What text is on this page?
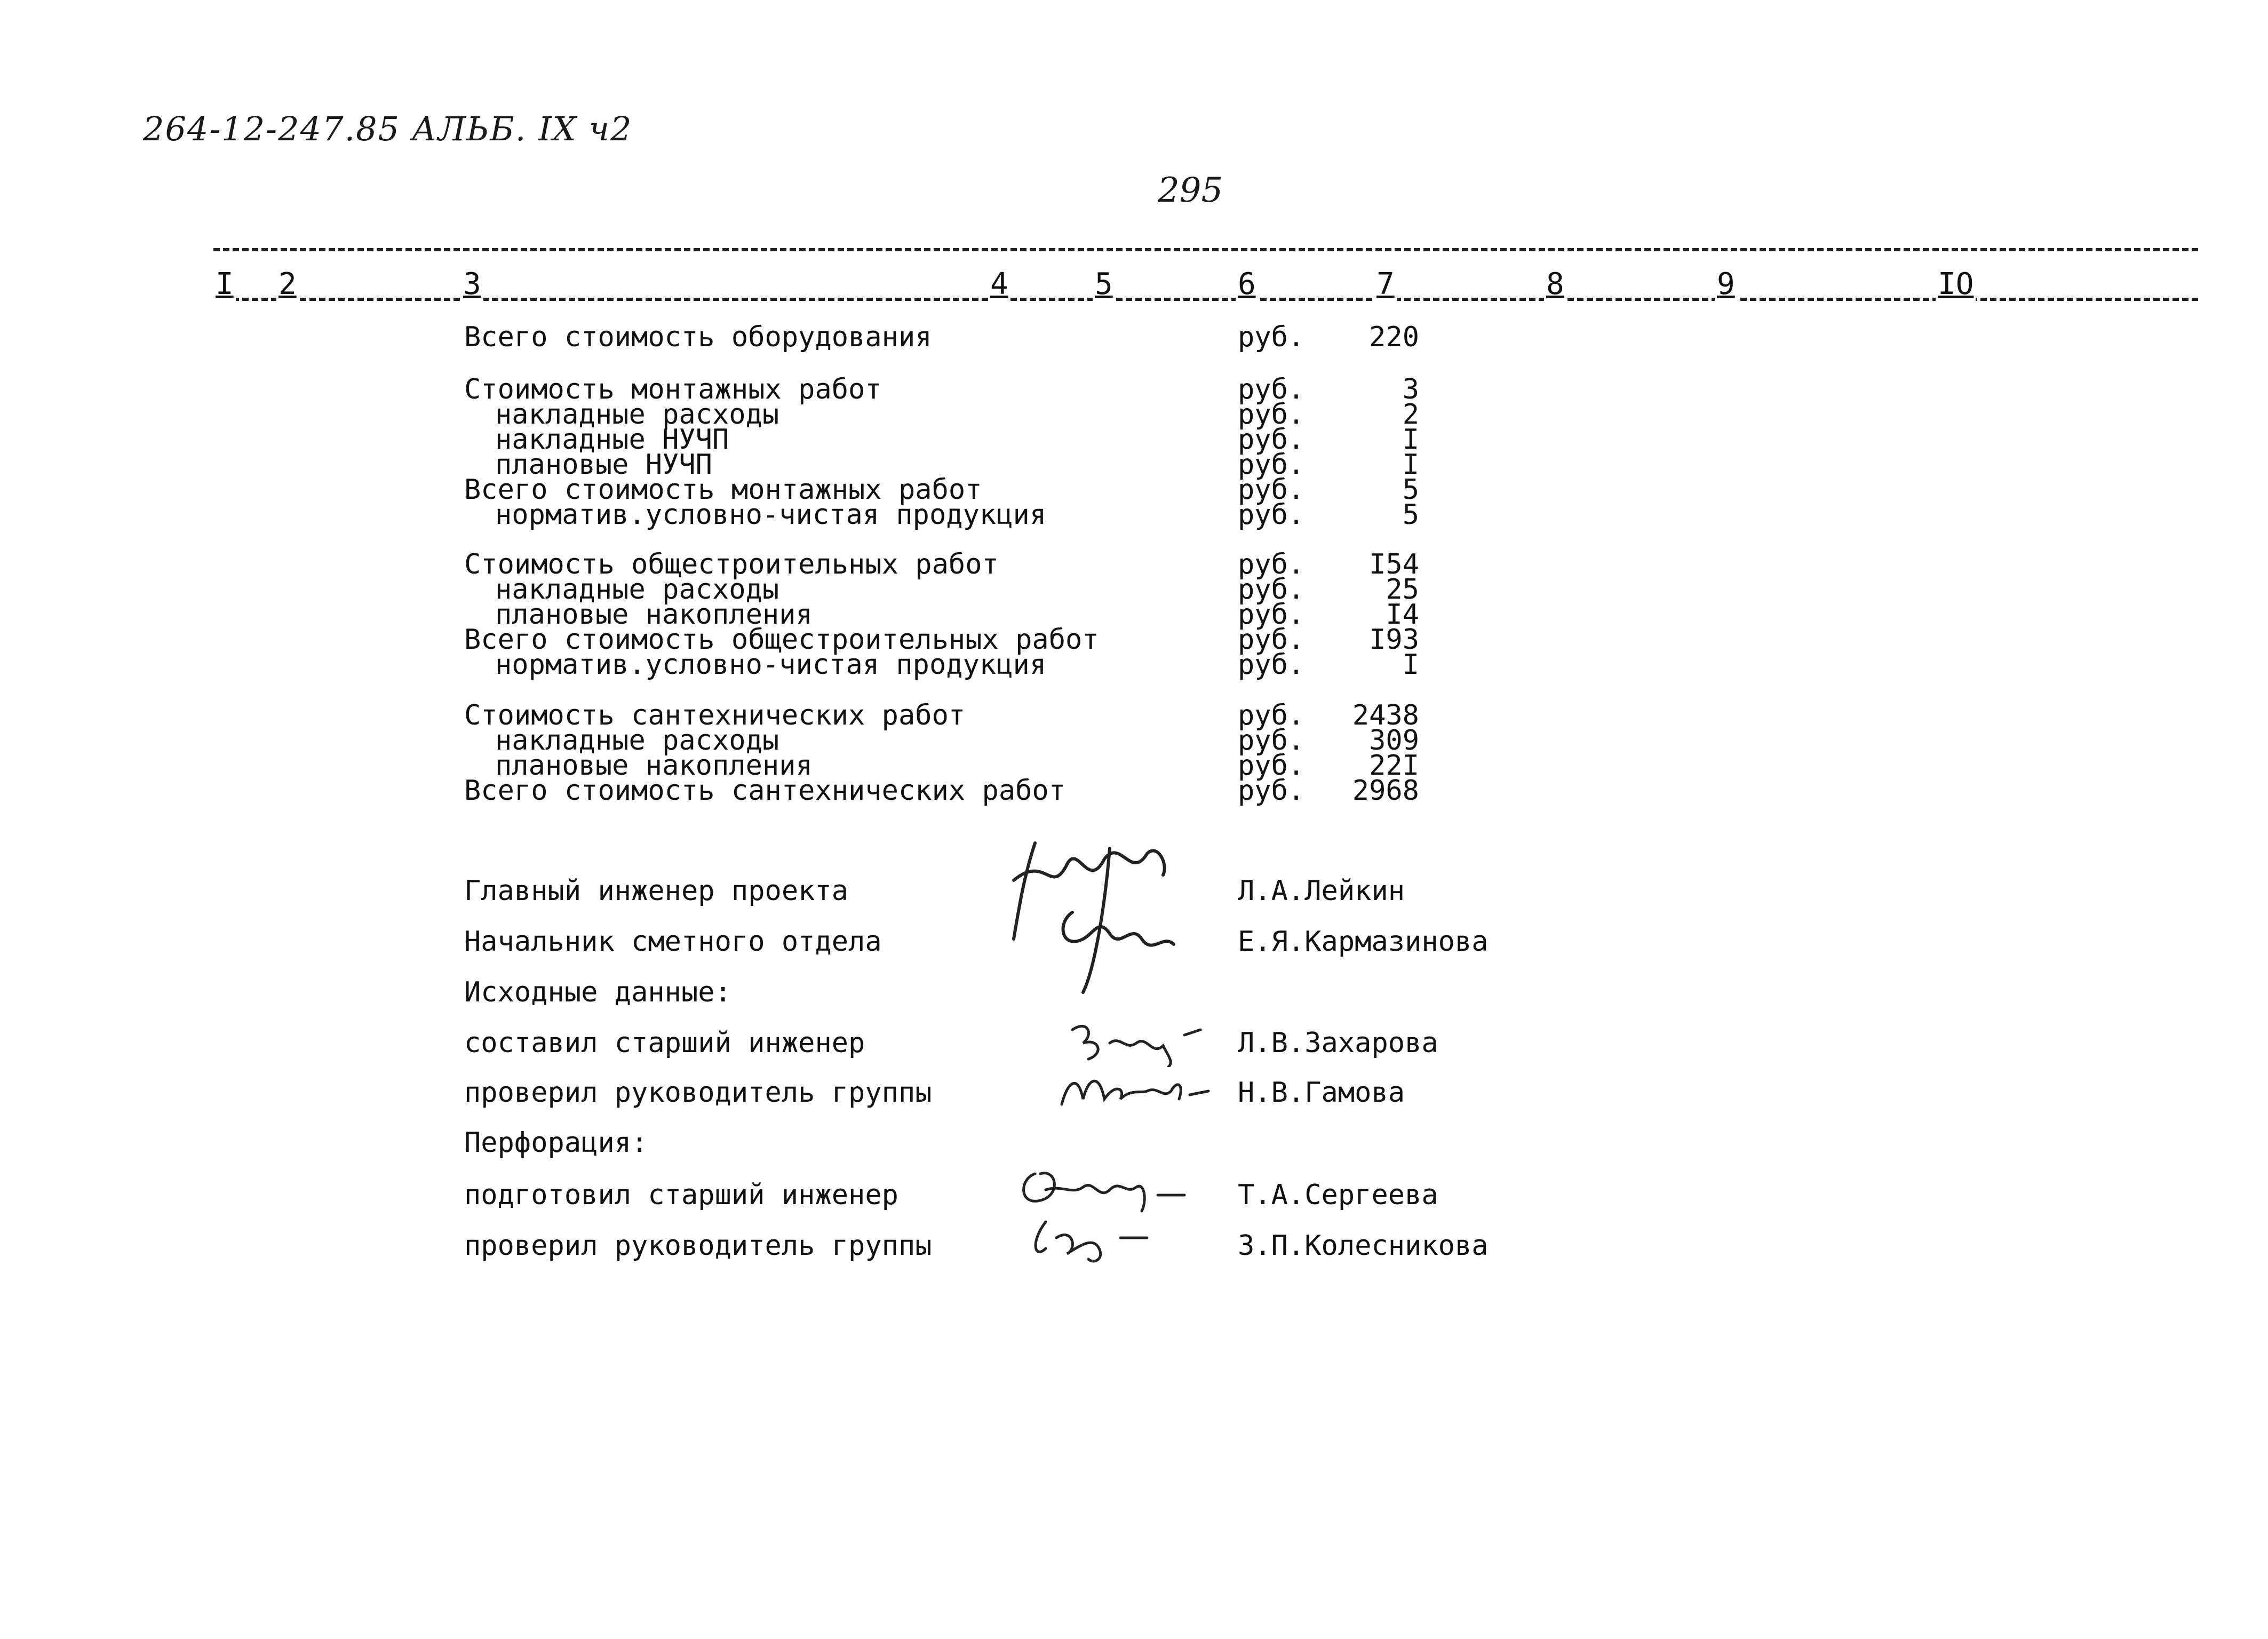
264-12-247.85 АЛЬБ. IX ч2
295
I 2	3	4	5	6	7	8	9	IO
Всего стоимость оборудования	руб.	220
Стоимость монтажных работ	руб.	3
накладные расходы	руб.	2
накладные НУЧП	руб.	I
плановые НУЧП	руб.	I
Всего стоимость монтажных работ	руб.	5
норматив.условно-чистая продукция	руб.	5
Стоимость общестроительных работ	руб.	I54
накладные расходы	руб.	25
плановые накопления	руб.	I4
Всего стоимость общестроительных работ	руб.	I93
норматив.условно-чистая продукция	руб.	I
Стоимость сантехнических работ	руб.	2438
накладные расходы	руб.	309
плановые накопления	руб.	22I
Всего стоимость сантехнических работ	руб.	2968
Главный инженер проекта	Л.А.Лейкин
Начальник сметного отдела	Е.Я.Кармазинова
Исходные данные:
составил старший инженер	Л.В.Захарова
проверил руководитель группы	Н.В.Гамова
Перфорация:
подготовил старший инженер	Т.А.Сергеева
проверил руководитель группы	З.П.Колесникова
